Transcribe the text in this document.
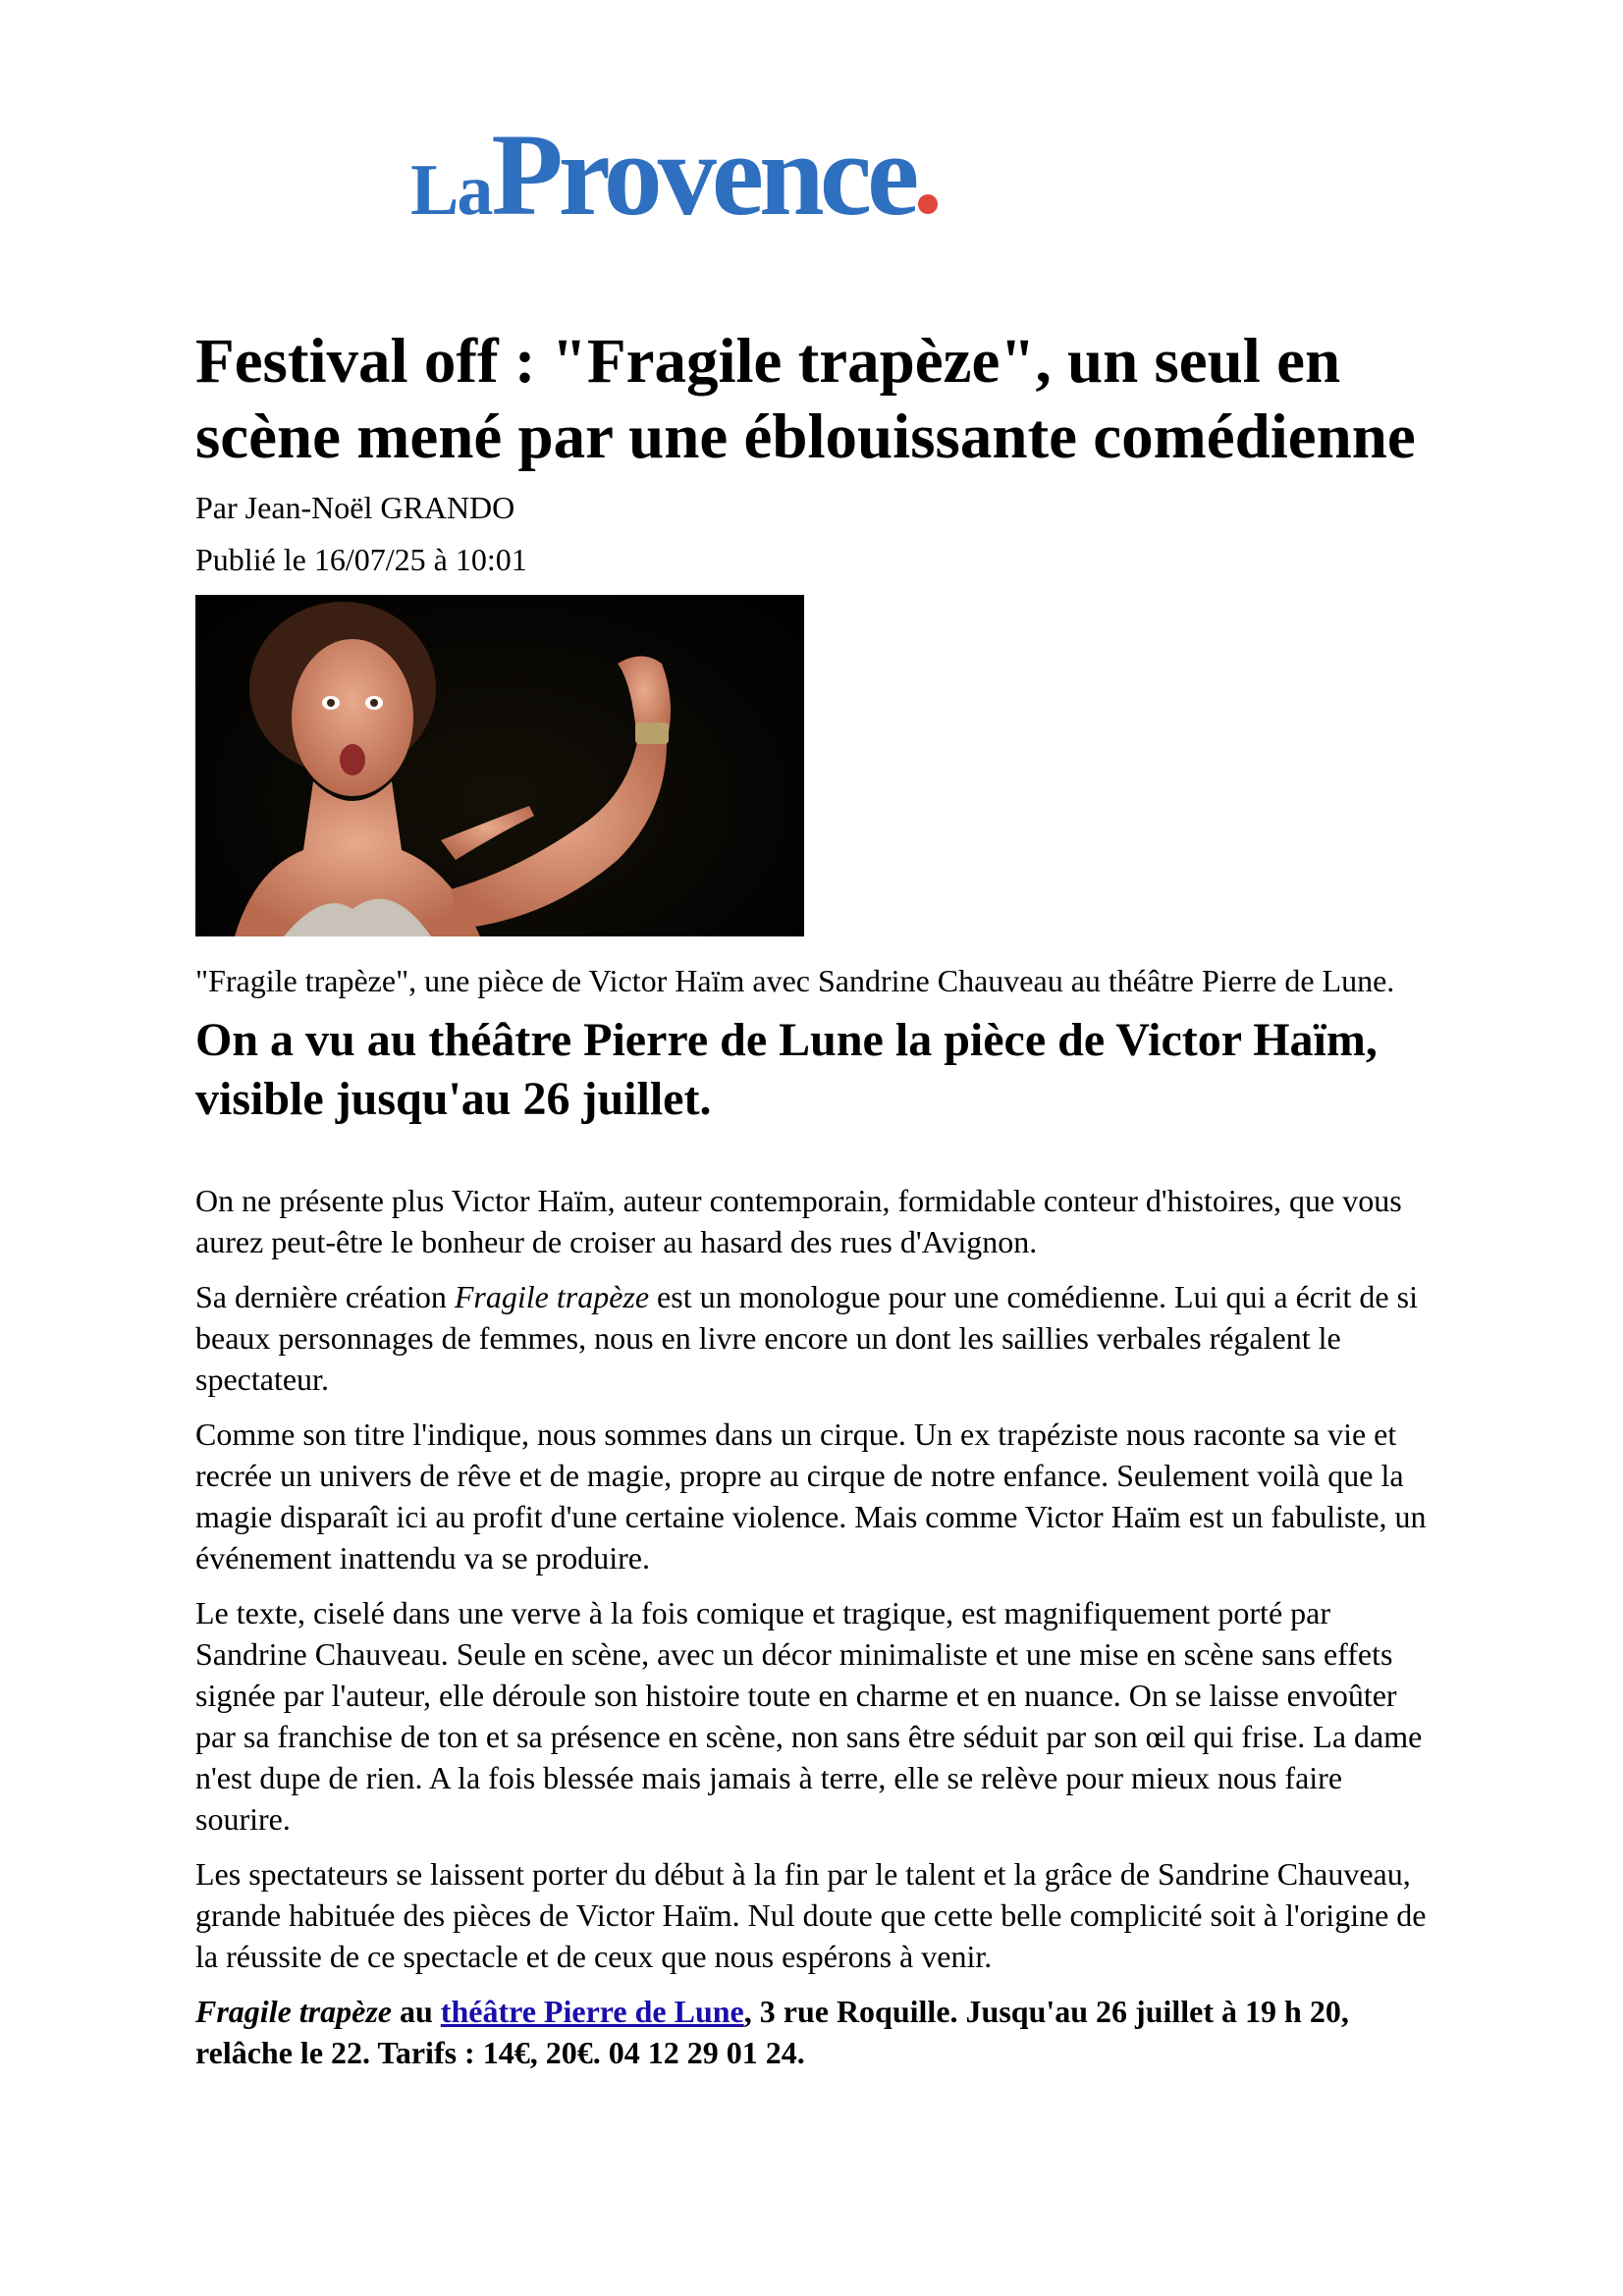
LaProvence
Festival off : "Fragile trapèze", un seul en scène mené par une éblouissante comédienne
Par Jean-Noël GRANDO
Publié le 16/07/25 à 10:01
"Fragile trapèze", une pièce de Victor Haïm avec Sandrine Chauveau au théâtre Pierre de Lune.
On a vu au théâtre Pierre de Lune la pièce de Victor Haïm, visible jusqu'au 26 juillet.

On ne présente plus Victor Haïm, auteur contemporain, formidable conteur d'histoires, que vous aurez peut-être le bonheur de croiser au hasard des rues d'Avignon.

Sa dernière création Fragile trapèze est un monologue pour une comédienne. Lui qui a écrit de si beaux personnages de femmes, nous en livre encore un dont les saillies verbales régalent le spectateur.

Comme son titre l'indique, nous sommes dans un cirque. Un ex trapéziste nous raconte sa vie et recrée un univers de rêve et de magie, propre au cirque de notre enfance. Seulement voilà que la magie disparaît ici au profit d'une certaine violence. Mais comme Victor Haïm est un fabuliste, un événement inattendu va se produire.

Le texte, ciselé dans une verve à la fois comique et tragique, est magnifiquement porté par Sandrine Chauveau. Seule en scène, avec un décor minimaliste et une mise en scène sans effets signée par l'auteur, elle déroule son histoire toute en charme et en nuance. On se laisse envoûter par sa franchise de ton et sa présence en scène, non sans être séduit par son œil qui frise. La dame n'est dupe de rien. A la fois blessée mais jamais à terre, elle se relève pour mieux nous faire sourire.

Les spectateurs se laissent porter du début à la fin par le talent et la grâce de Sandrine Chauveau, grande habituée des pièces de Victor Haïm. Nul doute que cette belle complicité soit à l'origine de la réussite de ce spectacle et de ceux que nous espérons à venir.

Fragile trapèze au théâtre Pierre de Lune, 3 rue Roquille. Jusqu'au 26 juillet à 19 h 20, relâche le 22. Tarifs : 14€, 20€. 04 12 29 01 24.
